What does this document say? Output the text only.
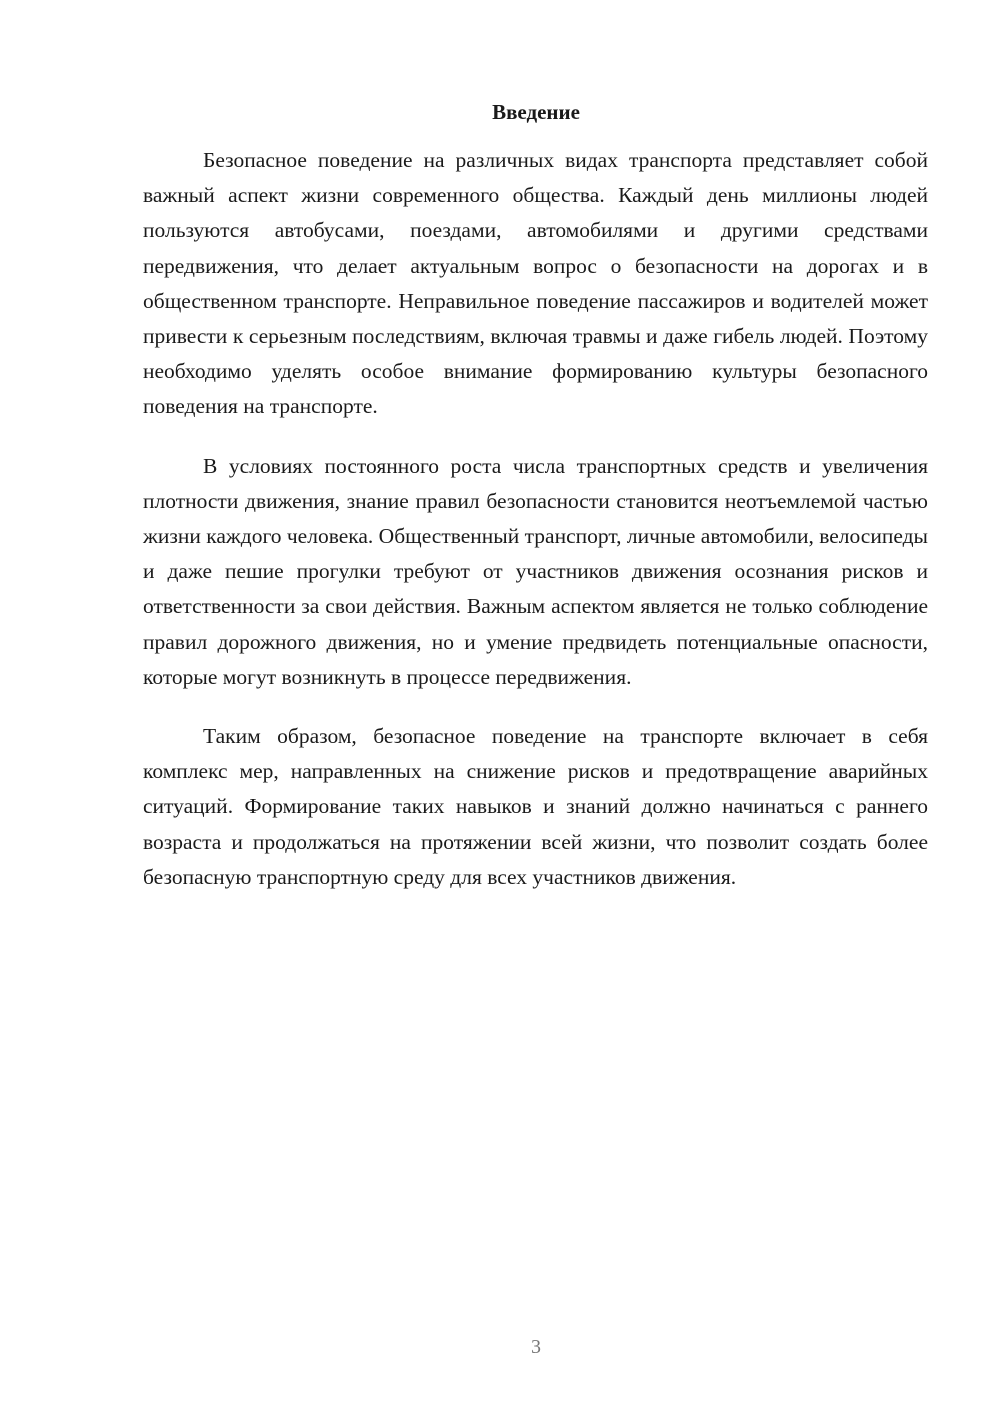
Введение

Безопасное поведение на различных видах транспорта представляет собой важный аспект жизни современного общества. Каждый день миллионы людей пользуются автобусами, поездами, автомобилями и другими средствами передвижения, что делает актуальным вопрос о безопасности на дорогах и в общественном транспорте. Неправильное поведение пассажиров и водителей может привести к серьезным последствиям, включая травмы и даже гибель людей. Поэтому необходимо уделять особое внимание формированию культуры безопасного поведения на транспорте.

В условиях постоянного роста числа транспортных средств и увеличения плотности движения, знание правил безопасности становится неотъемлемой частью жизни каждого человека. Общественный транспорт, личные автомобили, велосипеды и даже пешие прогулки требуют от участников движения осознания рисков и ответственности за свои действия. Важным аспектом является не только соблюдение правил дорожного движения, но и умение предвидеть потенциальные опасности, которые могут возникнуть в процессе передвижения.

Таким образом, безопасное поведение на транспорте включает в себя комплекс мер, направленных на снижение рисков и предотвращение аварийных ситуаций. Формирование таких навыков и знаний должно начинаться с раннего возраста и продолжаться на протяжении всей жизни, что позволит создать более безопасную транспортную среду для всех участников движения.

3
